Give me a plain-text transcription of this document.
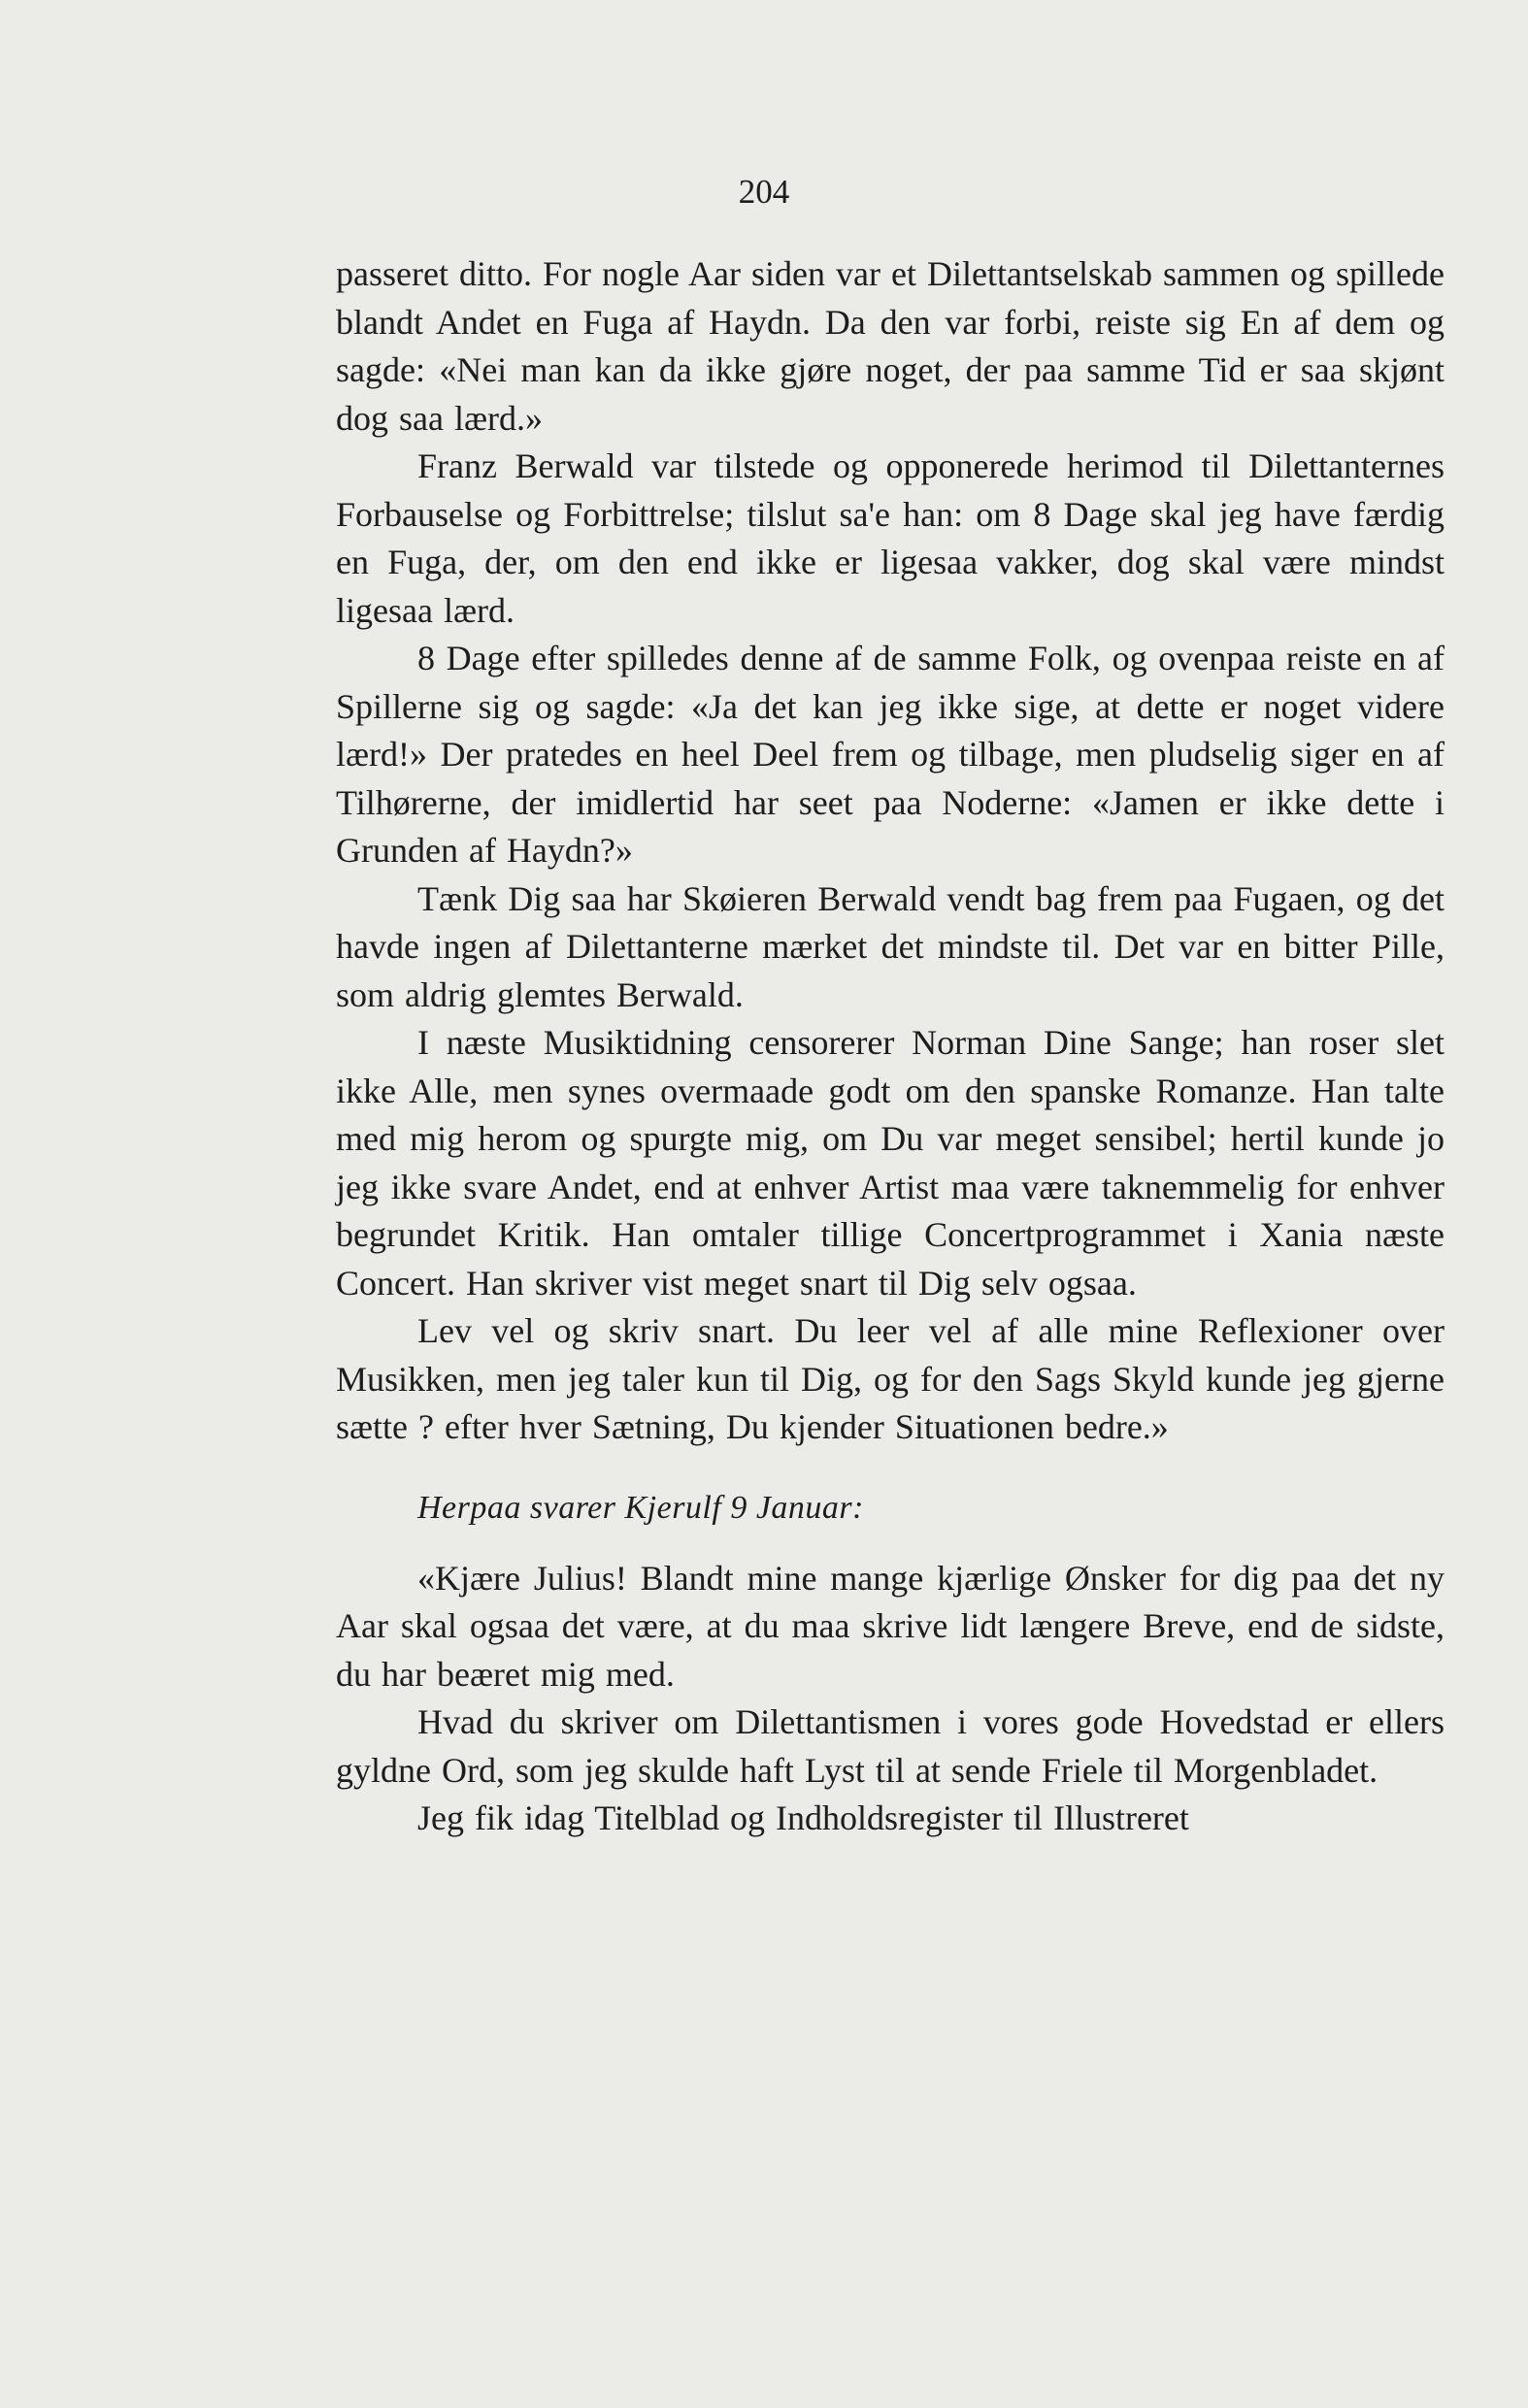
204

passeret ditto. For nogle Aar siden var et Dilettantselskab sammen og spillede blandt Andet en Fuga af Haydn. Da den var forbi, reiste sig En af dem og sagde: «Nei man kan da ikke gjøre noget, der paa samme Tid er saa skjønt dog saa lærd.»

Franz Berwald var tilstede og opponerede herimod til Dilettanternes Forbauselse og Forbittrelse; tilslut sa'e han: om 8 Dage skal jeg have færdig en Fuga, der, om den end ikke er ligesaa vakker, dog skal være mindst ligesaa lærd.

8 Dage efter spilledes denne af de samme Folk, og ovenpaa reiste en af Spillerne sig og sagde: «Ja det kan jeg ikke sige, at dette er noget videre lærd!» Der pratedes en heel Deel frem og tilbage, men pludselig siger en af Tilhørerne, der imidlertid har seet paa Noderne: «Jamen er ikke dette i Grunden af Haydn?»

Tænk Dig saa har Skøieren Berwald vendt bag frem paa Fugaen, og det havde ingen af Dilettanterne mærket det mindste til. Det var en bitter Pille, som aldrig glemtes Berwald.

I næste Musiktidning censorerer Norman Dine Sange; han roser slet ikke Alle, men synes overmaade godt om den spanske Romanze. Han talte med mig herom og spurgte mig, om Du var meget sensibel; hertil kunde jo jeg ikke svare Andet, end at enhver Artist maa være taknemmelig for enhver begrundet Kritik. Han omtaler tillige Concertprogrammet i Xania næste Concert. Han skriver vist meget snart til Dig selv ogsaa.

Lev vel og skriv snart. Du leer vel af alle mine Reflexioner over Musikken, men jeg taler kun til Dig, og for den Sags Skyld kunde jeg gjerne sætte ? efter hver Sætning, Du kjender Situationen bedre.»

Herpaa svarer Kjerulf 9 Januar:

«Kjære Julius! Blandt mine mange kjærlige Ønsker for dig paa det ny Aar skal ogsaa det være, at du maa skrive lidt længere Breve, end de sidste, du har beæret mig med.

Hvad du skriver om Dilettantismen i vores gode Hovedstad er ellers gyldne Ord, som jeg skulde haft Lyst til at sende Friele til Morgenbladet.

Jeg fik idag Titelblad og Indholdsregister til Illustreret
